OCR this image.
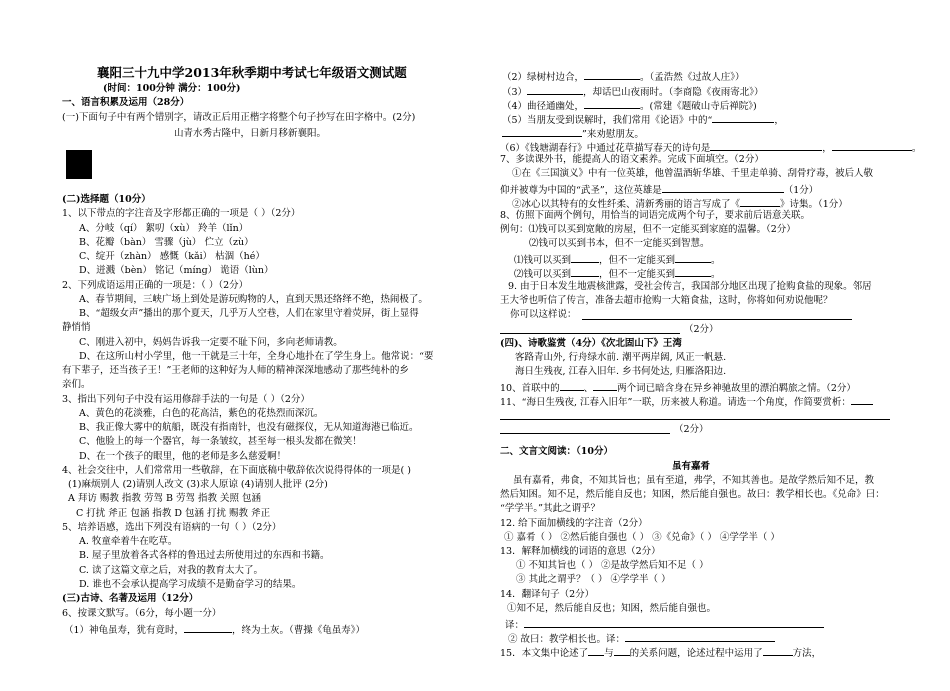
襄阳三十九中学2013年秋季期中考试七年级语文测试题
(时间：100分钟 满分：100分)
一、语言积累及运用（28分）
(一)下面句子中有两个错别字，请改正后用正楷字将整个句子抄写在田字格中。(2分)
山青水秀古隆中，日新月移新襄阳。

(二)选择题（10分）
1、以下带点的字注音及字形都正确的一项是（ ）（2分）
A、分岐（qí） 絮叨（xù） 羚羊（lǐn）
B、花瓣（bàn） 雪骤（jù） 伫立（zù）
C、绽开（zhàn） 感慨（kǎi） 枯涸（hé）
D、迸溅（bèn） 铭记（míng） 诡语（lùn）
2、下列成语运用正确的一项是：（ ）（2分）
A、春节期间，三峡广场上到处是游玩购物的人，直到天黑还络绎不绝，热闹极了。
B、“超级女声”播出的那个夏天，几乎万人空巷，人们在家里守着荧屏，街上显得
静悄悄
C、刚进入初中，妈妈告诉我一定要不耻下问，多向老师请教。
D、在这所山村小学里，他一干就是三十年，全身心地扑在了学生身上。他常说：“要
有下辈子，还当孩子王！”王老师的这种好为人师的精神深深地感动了那些纯朴的乡
亲们。
3、指出下列句子中没有运用修辞手法的一句是（ ）（2分）
A、黄色的花淡雅，白色的花高洁，紫色的花热烈而深沉。
B、我正像大雾中的航船，既没有指南针，也没有磁探仪，无从知道海港已临近。
C、他脸上的每一个器官，每一条皱纹，甚至每一根头发都在微笑！
D、在一个孩子的眼里，他的老师是多么慈爱啊！
4、社会交往中，人们常常用一些敬辞，在下面底稿中敬辞依次说得得体的一项是( )
(1)麻烦别人 (2)请别人改文 (3)求人原谅 (4)请别人批评 (2分)
A 拜访 赐教 指教 劳驾 B 劳驾 指教 关照 包涵
C 打扰 斧正 包涵 指教 D 包涵 打扰 赐教 斧正
5、培养语感，选出下列没有语病的一句（ ）（2分）
A. 牧童牵着牛在吃草。
B. 屋子里放着各式各样的鲁迅过去所使用过的东西和书籍。
C. 读了这篇文章之后，对我的教育太大了。
D. 谁也不会承认提高学习成绩不是勤奋学习的结果。
(三)古诗、名著及运用（12分）
6、按课文默写。（6分，每小题一分）
（1）神龟虽寿，犹有竟时，	，终为土灰。（曹操《龟虽寿》）
（2）绿树村边合，	。（孟浩然《过故人庄》）
（3）	，却话巴山夜雨时。（李商隐《夜雨寄北》）
（4）曲径通幽处，	。(常建《题破山寺后禅院》)
（5）当朋友受到误解时，我们常用《论语》中的“	，
”来劝慰朋友。
（6）《钱塘湖春行》中通过花草描写春天的诗句是	，	。
7、多读课外书，能提高人的语文素养。完成下面填空。（2分）
①在《三国演义》中有一位英雄，他曾温酒斩华雄、千里走单骑、刮骨疗毒，被后人敬
仰并被尊为中国的“武圣”，这位英雄是	（1分）
②冰心以其特有的女性纤柔、清新秀丽的语言写成了《	》诗集。（1分）
8、仿照下面两个例句，用恰当的词语完成两个句子，要求前后语意关联。
例句：⑴钱可以买到宽敞的房屋，但不一定能买到家庭的温馨。（2分）
⑵钱可以买到书本，但不一定能买到智慧。
⑴钱可以买到	，但不一定能买到	。
⑵钱可以买到	，但不一定能买到	。
9. 由于日本发生地震核泄露，受社会传言，我国部分地区出现了抢购食盐的现象。邻居
王大爷也听信了传言，准备去超市抢购一大箱食盐，这时，你将如何劝说他呢？
你可以这样说：
（2分）
(四)、诗歌鉴赏（4分）《次北固山下》王湾
客路青山外, 行舟绿水前. 潮平两岸阔, 风正一帆悬.
海日生残夜, 江春入旧年. 乡书何处达, 归雁洛阳边.
10、首联中的	、	两个词已暗含身在异乡神驰故里的漂泊羁旅之情。（2分）
11、“海日生残夜, 江春入旧年”一联，历来被人称道。请选一个角度，作简要赏析：
（2分）
二、文言文阅读：（10分）
虽有嘉肴
虽有嘉肴，弗食，不知其旨也；虽有至道，弗学，不知其善也。是故学然后知不足，教
然后知困。知不足，然后能自反也；知困，然后能自强也。故曰：教学相长也。《兑命》曰：
“学学半。”其此之谓乎？
12. 给下面加横线的字注音（2分）
① 嘉肴（ ） ②然后能自强也（ ） ③《兑命》（ ） ④学学半（ ）
13．解释加横线的词语的意思（2分）
① 不知其旨也（ ） ②是故学然后知不足（ ）
③ 其此之谓乎？（ ） ④学学半（ ）
14．翻译句子（2分）
①知不足，然后能自反也；知困，然后能自强也。
译：
② 故曰：教学相长也。译：
15．本文集中论述了 与 的关系问题，论述过程中运用了	方法，
